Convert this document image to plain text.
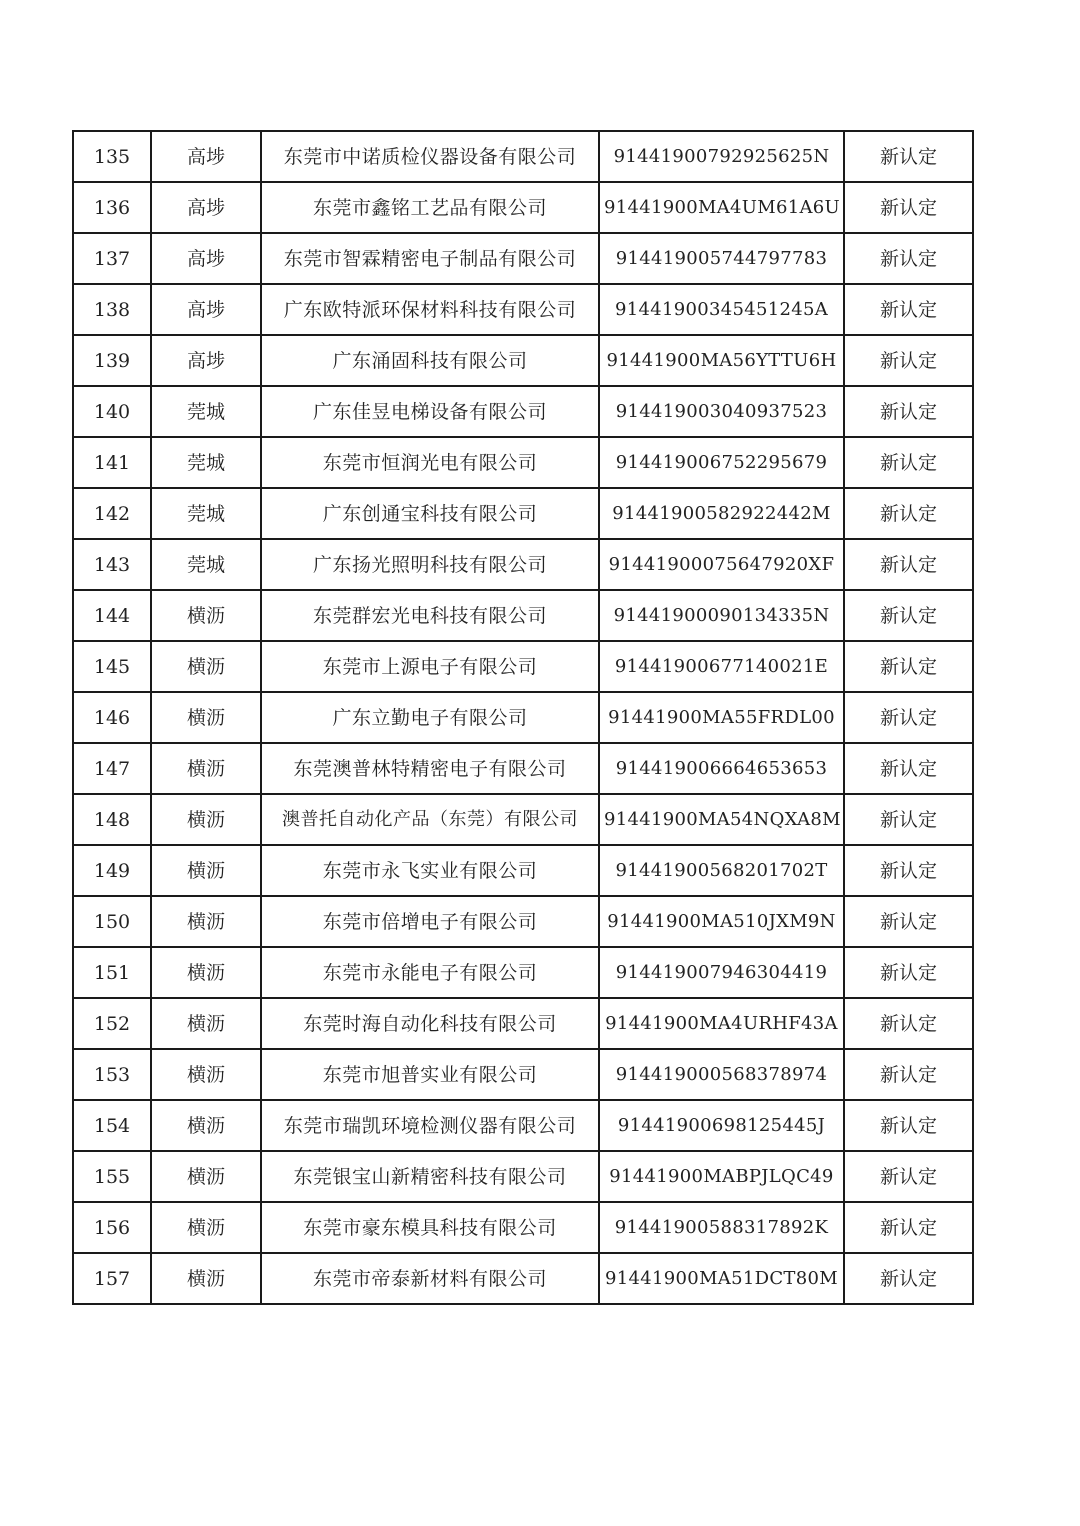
135	高埗	东莞市中诺质检仪器设备有限公司	91441900792925625N	新认定
136	高埗	东莞市鑫铭工艺品有限公司	91441900MA4UM61A6U	新认定
137	高埗	东莞市智霖精密电子制品有限公司	914419005744797783	新认定
138	高埗	广东欧特派环保材料科技有限公司	91441900345451245A	新认定
139	高埗	广东涌固科技有限公司	91441900MA56YTTU6H	新认定
140	莞城	广东佳昱电梯设备有限公司	914419003040937523	新认定
141	莞城	东莞市恒润光电有限公司	914419006752295679	新认定
142	莞城	广东创通宝科技有限公司	91441900582922442M	新认定
143	莞城	广东扬光照明科技有限公司	91441900075647920XF	新认定
144	横沥	东莞群宏光电科技有限公司	91441900090134335N	新认定
145	横沥	东莞市上源电子有限公司	91441900677140021E	新认定
146	横沥	广东立勤电子有限公司	91441900MA55FRDL00	新认定
147	横沥	东莞澳普林特精密电子有限公司	914419006664653653	新认定
148	横沥	澳普托自动化产品（东莞）有限公司	91441900MA54NQXA8M	新认定
149	横沥	东莞市永飞实业有限公司	91441900568201702T	新认定
150	横沥	东莞市倍增电子有限公司	91441900MA510JXM9N	新认定
151	横沥	东莞市永能电子有限公司	914419007946304419	新认定
152	横沥	东莞时海自动化科技有限公司	91441900MA4URHF43A	新认定
153	横沥	东莞市旭普实业有限公司	914419000568378974	新认定
154	横沥	东莞市瑞凯环境检测仪器有限公司	91441900698125445J	新认定
155	横沥	东莞银宝山新精密科技有限公司	91441900MABPJLQC49	新认定
156	横沥	东莞市豪东模具科技有限公司	91441900588317892K	新认定
157	横沥	东莞市帝泰新材料有限公司	91441900MA51DCT80M	新认定
